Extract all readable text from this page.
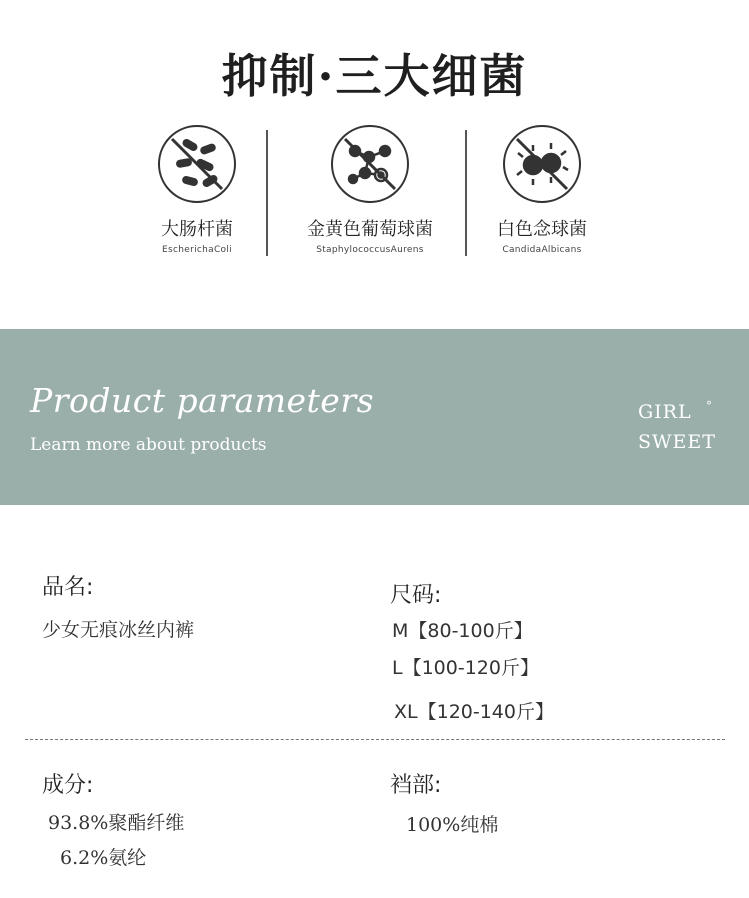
抑制·三大细菌
大肠杆菌
EscherichaColi
金黄色葡萄球菌
StaphylococcusAurens
白色念球菌
CandidaAlbicans
Product parameters
Learn more about products
GIRL °
SWEET
品名:
少女无痕冰丝内裤
尺码:
M【80-100斤】
L【100-120斤】
XL【120-140斤】
成分:
93.8%聚酯纤维
6.2%氨纶
裆部:
100%纯棉
